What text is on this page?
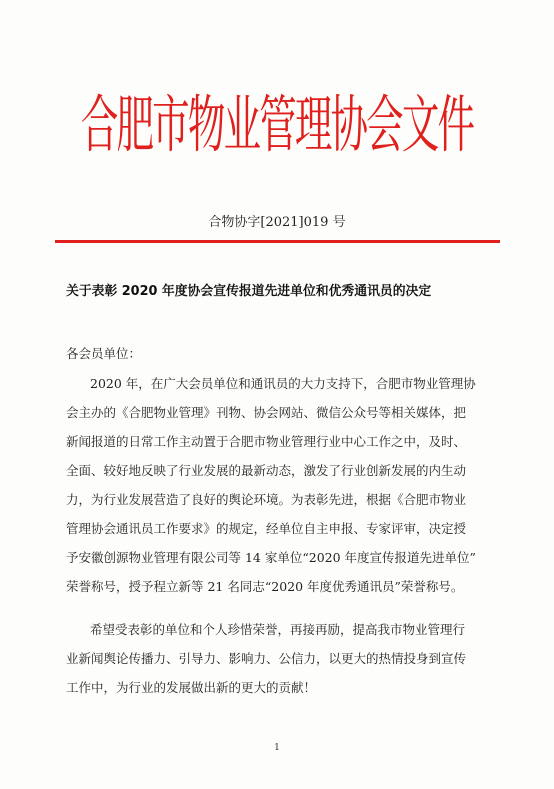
合肥市物业管理协会文件
合物协字[2021]019 号
关于表彰 2020 年度协会宣传报道先进单位和优秀通讯员的决定
各会员单位：
2020 年，在广大会员单位和通讯员的大力支持下，合肥市物业管理协
会主办的《合肥物业管理》刊物、协会网站、微信公众号等相关媒体，把
新闻报道的日常工作主动置于合肥市物业管理行业中心工作之中，及时、
全面、较好地反映了行业发展的最新动态，激发了行业创新发展的内生动
力，为行业发展营造了良好的舆论环境。为表彰先进，根据《合肥市物业
管理协会通讯员工作要求》的规定，经单位自主申报、专家评审，决定授
予安徽创源物业管理有限公司等 14 家单位“2020 年度宣传报道先进单位”
荣誉称号，授予程立新等 21 名同志“2020 年度优秀通讯员”荣誉称号。
希望受表彰的单位和个人珍惜荣誉，再接再励，提高我市物业管理行
业新闻舆论传播力、引导力、影响力、公信力，以更大的热情投身到宣传
工作中，为行业的发展做出新的更大的贡献！
1
